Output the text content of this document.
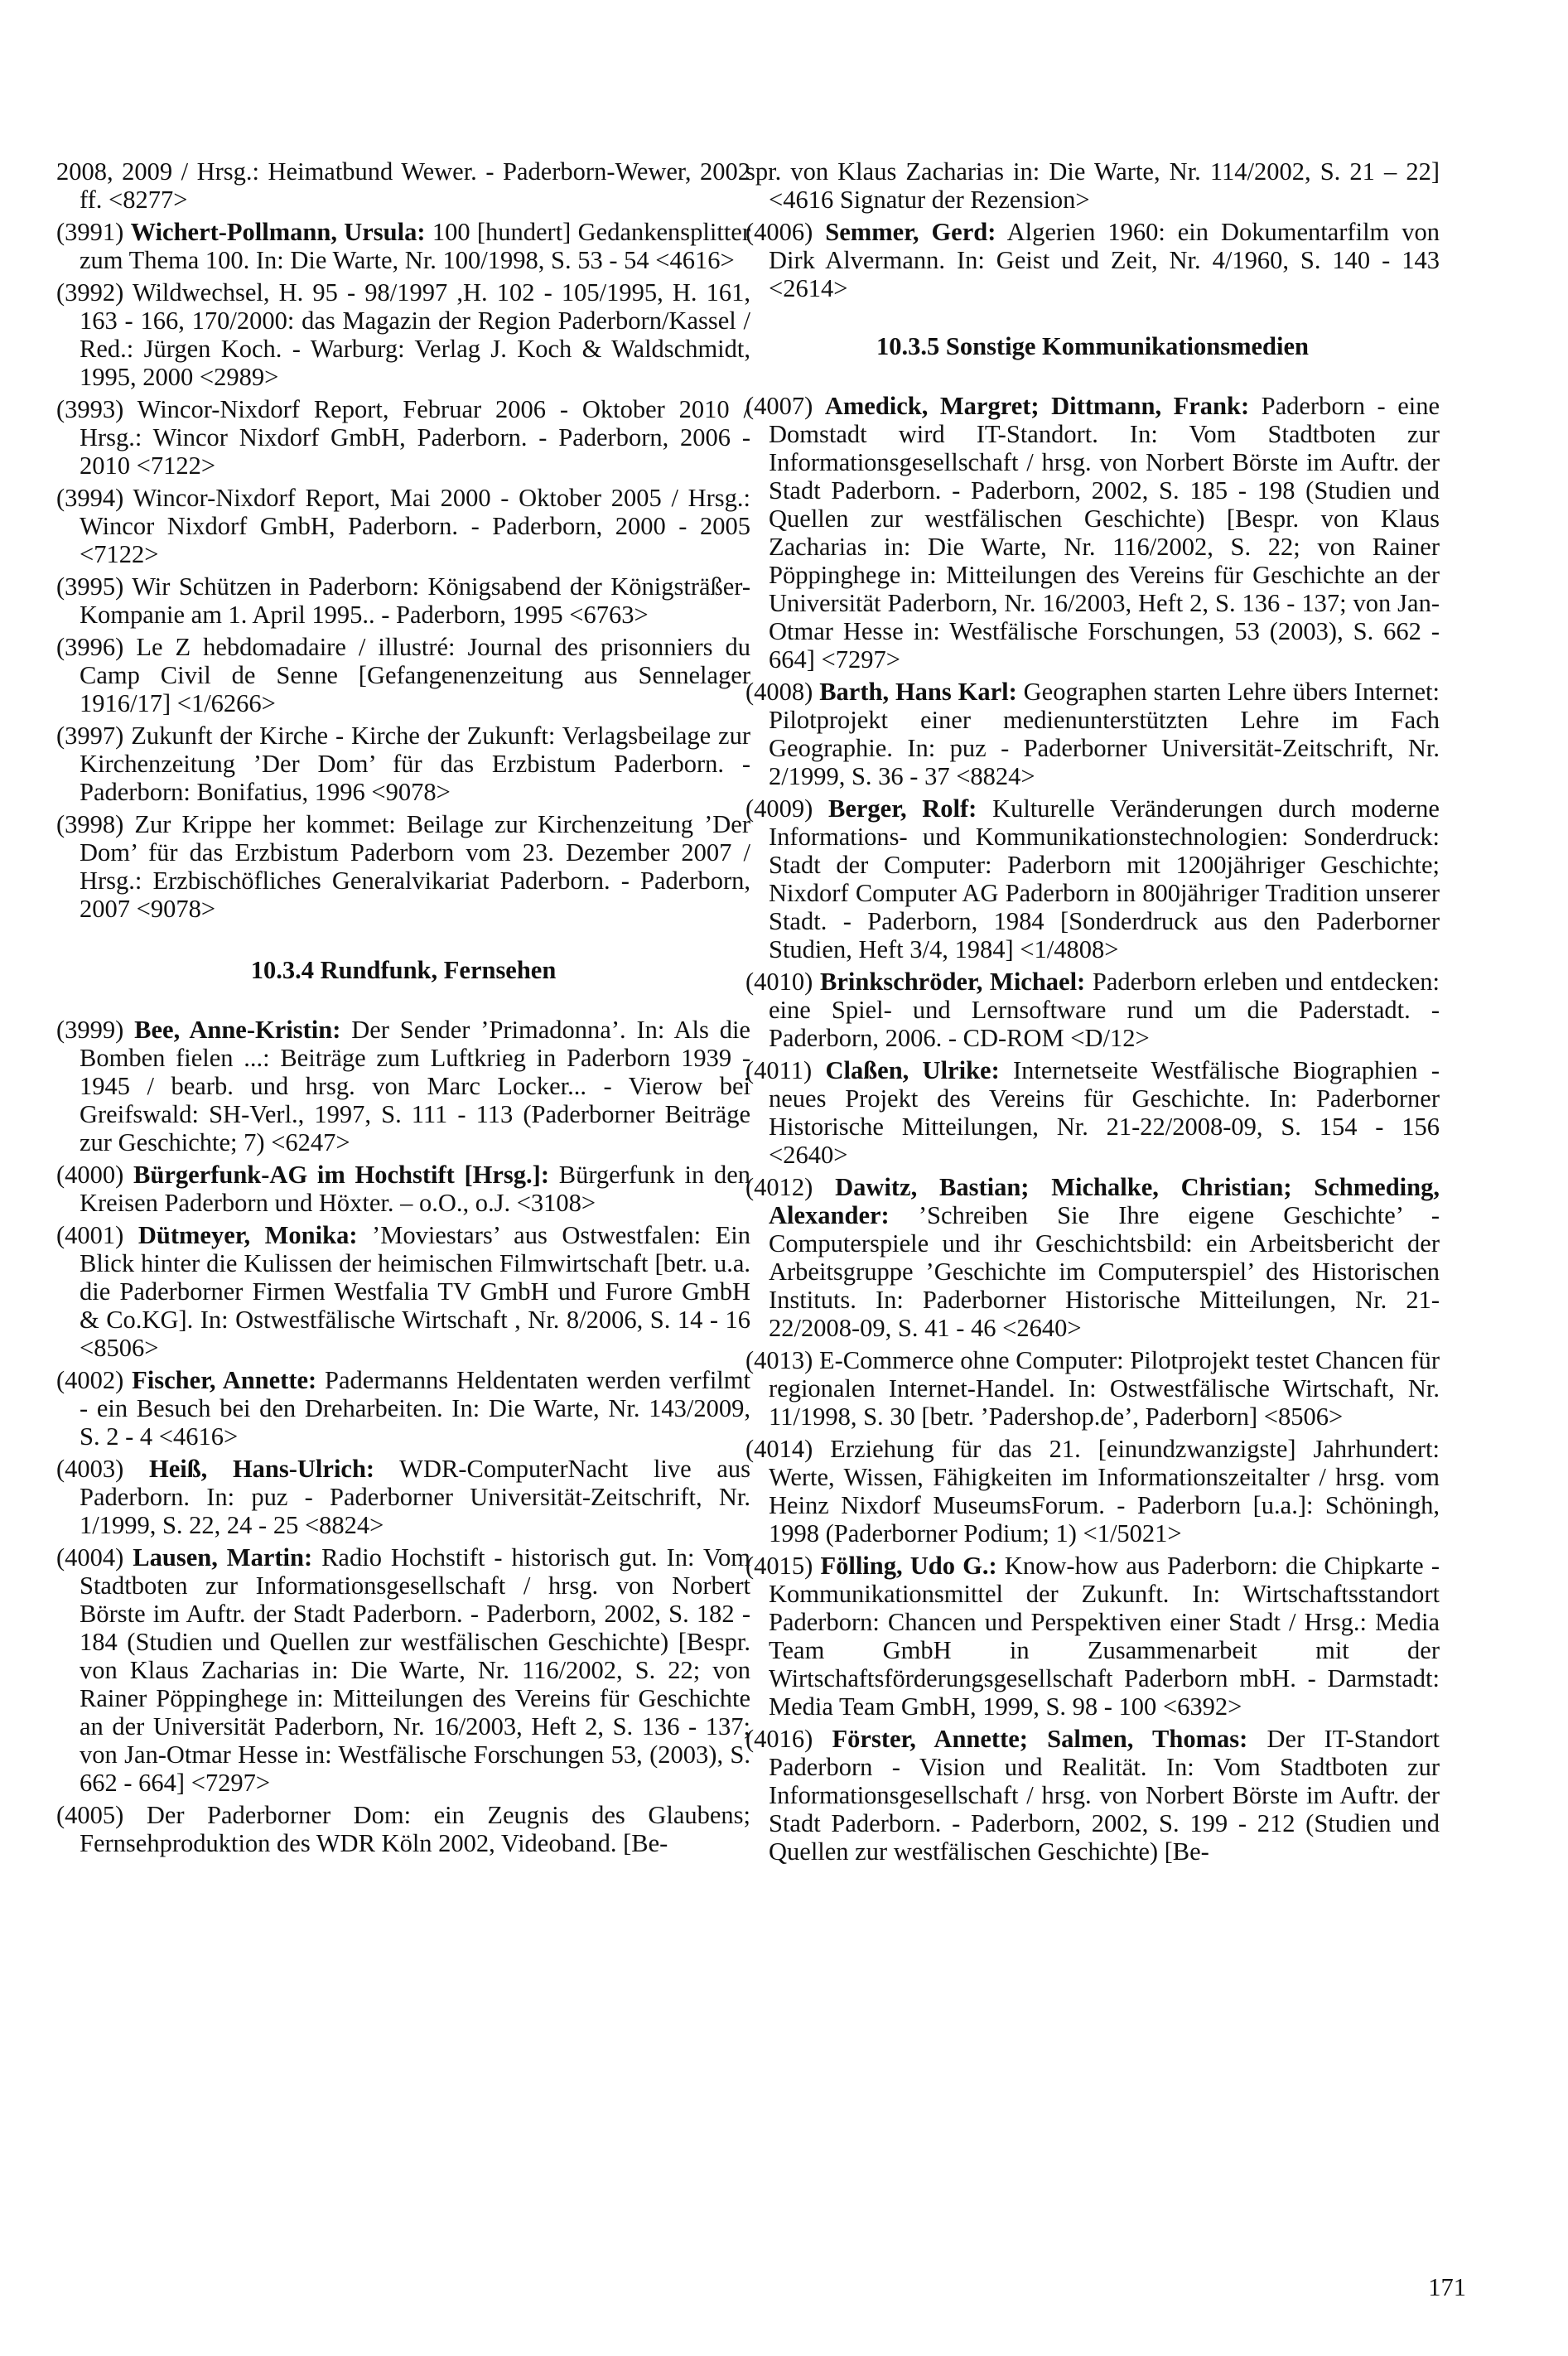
2008, 2009 / Hrsg.: Heimatbund Wewer. - Paderborn-Wewer, 2002 ff. <8277>

(3991) Wichert-Pollmann, Ursula: 100 [hundert] Gedankensplitter zum Thema 100. In: Die Warte, Nr. 100/1998, S. 53 - 54 <4616>

(3992) Wildwechsel, H. 95 - 98/1997 ,H. 102 - 105/1995, H. 161, 163 - 166, 170/2000: das Magazin der Region Paderborn/Kassel / Red.: Jürgen Koch. - Warburg: Verlag J. Koch & Waldschmidt, 1995, 2000 <2989>

(3993) Wincor-Nixdorf Report, Februar 2006 - Oktober 2010 / Hrsg.: Wincor Nixdorf GmbH, Paderborn. - Paderborn, 2006 - 2010 <7122>

(3994) Wincor-Nixdorf Report, Mai 2000 - Oktober 2005 / Hrsg.: Wincor Nixdorf GmbH, Paderborn. - Paderborn, 2000 - 2005 <7122>

(3995) Wir Schützen in Paderborn: Königsabend der Königsträßer-Kompanie am 1. April 1995.. - Paderborn, 1995 <6763>

(3996) Le Z hebdomadaire / illustré: Journal des prisonniers du Camp Civil de Senne [Gefangenenzeitung aus Sennelager 1916/17] <1/6266>

(3997) Zukunft der Kirche - Kirche der Zukunft: Verlagsbeilage zur Kirchenzeitung ’Der Dom’ für das Erzbistum Paderborn. - Paderborn: Bonifatius, 1996 <9078>

(3998) Zur Krippe her kommet: Beilage zur Kirchenzeitung ’Der Dom’ für das Erzbistum Paderborn vom 23. Dezember 2007 / Hrsg.: Erzbischöfliches Generalvikariat Paderborn. - Paderborn, 2007 <9078>

10.3.4 Rundfunk, Fernsehen

(3999) Bee, Anne-Kristin: Der Sender ’Primadonna’. In: Als die Bomben fielen ...: Beiträge zum Luftkrieg in Paderborn 1939 - 1945 / bearb. und hrsg. von Marc Locker... - Vierow bei Greifswald: SH-Verl., 1997, S. 111 - 113 (Paderborner Beiträge zur Geschichte; 7) <6247>

(4000) Bürgerfunk-AG im Hochstift [Hrsg.]: Bürgerfunk in den Kreisen Paderborn und Höxter. – o.O., o.J. <3108>

(4001) Dütmeyer, Monika: ’Moviestars’ aus Ostwestfalen: Ein Blick hinter die Kulissen der heimischen Filmwirtschaft [betr. u.a. die Paderborner Firmen Westfalia TV GmbH und Furore GmbH & Co.KG]. In: Ostwestfälische Wirtschaft , Nr. 8/2006, S. 14 - 16 <8506>

(4002) Fischer, Annette: Padermanns Heldentaten werden verfilmt - ein Besuch bei den Dreharbeiten. In: Die Warte, Nr. 143/2009, S. 2 - 4 <4616>

(4003) Heiß, Hans-Ulrich: WDR-ComputerNacht live aus Paderborn. In: puz - Paderborner Universität-Zeitschrift, Nr. 1/1999, S. 22, 24 - 25 <8824>

(4004) Lausen, Martin: Radio Hochstift - historisch gut. In: Vom Stadtboten zur Informationsgesellschaft / hrsg. von Norbert Börste im Auftr. der Stadt Paderborn. - Paderborn, 2002, S. 182 - 184 (Studien und Quellen zur westfälischen Geschichte) [Bespr. von Klaus Zacharias in: Die Warte, Nr. 116/2002, S. 22; von Rainer Pöppinghege in: Mitteilungen des Vereins für Geschichte an der Universität Paderborn, Nr. 16/2003, Heft 2, S. 136 - 137; von Jan-Otmar Hesse in: Westfälische Forschungen 53, (2003), S. 662 - 664] <7297>

(4005) Der Paderborner Dom: ein Zeugnis des Glaubens; Fernsehproduktion des WDR Köln 2002, Videoband. [Be-

spr. von Klaus Zacharias in: Die Warte, Nr. 114/2002, S. 21 – 22] <4616 Signatur der Rezension>

(4006) Semmer, Gerd: Algerien 1960: ein Dokumentarfilm von Dirk Alvermann. In: Geist und Zeit, Nr. 4/1960, S. 140 - 143 <2614>

10.3.5 Sonstige Kommunikationsmedien

(4007) Amedick, Margret; Dittmann, Frank: Paderborn - eine Domstadt wird IT-Standort. In: Vom Stadtboten zur Informationsgesellschaft / hrsg. von Norbert Börste im Auftr. der Stadt Paderborn. - Paderborn, 2002, S. 185 - 198 (Studien und Quellen zur westfälischen Geschichte) [Bespr. von Klaus Zacharias in: Die Warte, Nr. 116/2002, S. 22; von Rainer Pöppinghege in: Mitteilungen des Vereins für Geschichte an der Universität Paderborn, Nr. 16/2003, Heft 2, S. 136 - 137; von Jan-Otmar Hesse in: Westfälische Forschungen, 53 (2003), S. 662 - 664] <7297>

(4008) Barth, Hans Karl: Geographen starten Lehre übers Internet: Pilotprojekt einer medienunterstützten Lehre im Fach Geographie. In: puz - Paderborner Universität-Zeitschrift, Nr. 2/1999, S. 36 - 37 <8824>

(4009) Berger, Rolf: Kulturelle Veränderungen durch moderne Informations- und Kommunikationstechnologien: Sonderdruck: Stadt der Computer: Paderborn mit 1200jähriger Geschichte; Nixdorf Computer AG Paderborn in 800jähriger Tradition unserer Stadt. - Paderborn, 1984 [Sonderdruck aus den Paderborner Studien, Heft 3/4, 1984] <1/4808>

(4010) Brinkschröder, Michael: Paderborn erleben und entdecken: eine Spiel- und Lernsoftware rund um die Paderstadt. - Paderborn, 2006. - CD-ROM <D/12>

(4011) Claßen, Ulrike: Internetseite Westfälische Biographien - neues Projekt des Vereins für Geschichte. In: Paderborner Historische Mitteilungen, Nr. 21-22/2008-09, S. 154 - 156 <2640>

(4012) Dawitz, Bastian; Michalke, Christian; Schmeding, Alexander: ’Schreiben Sie Ihre eigene Geschichte’ - Computerspiele und ihr Geschichtsbild: ein Arbeitsbericht der Arbeitsgruppe ’Geschichte im Computerspiel’ des Historischen Instituts. In: Paderborner Historische Mitteilungen, Nr. 21-22/2008-09, S. 41 - 46 <2640>

(4013) E-Commerce ohne Computer: Pilotprojekt testet Chancen für regionalen Internet-Handel. In: Ostwestfälische Wirtschaft, Nr. 11/1998, S. 30 [betr. ’Padershop.de’, Paderborn] <8506>

(4014) Erziehung für das 21. [einundzwanzigste] Jahrhundert: Werte, Wissen, Fähigkeiten im Informationszeitalter / hrsg. vom Heinz Nixdorf MuseumsForum. - Paderborn [u.a.]: Schöningh, 1998 (Paderborner Podium; 1) <1/5021>

(4015) Fölling, Udo G.: Know-how aus Paderborn: die Chipkarte - Kommunikationsmittel der Zukunft. In: Wirtschaftsstandort Paderborn: Chancen und Perspektiven einer Stadt / Hrsg.: Media Team GmbH in Zusammenarbeit mit der Wirtschaftsförderungsgesellschaft Paderborn mbH. - Darmstadt: Media Team GmbH, 1999, S. 98 - 100 <6392>

(4016) Förster, Annette; Salmen, Thomas: Der IT-Standort Paderborn - Vision und Realität. In: Vom Stadtboten zur Informationsgesellschaft / hrsg. von Norbert Börste im Auftr. der Stadt Paderborn. - Paderborn, 2002, S. 199 - 212 (Studien und Quellen zur westfälischen Geschichte) [Be-

171
